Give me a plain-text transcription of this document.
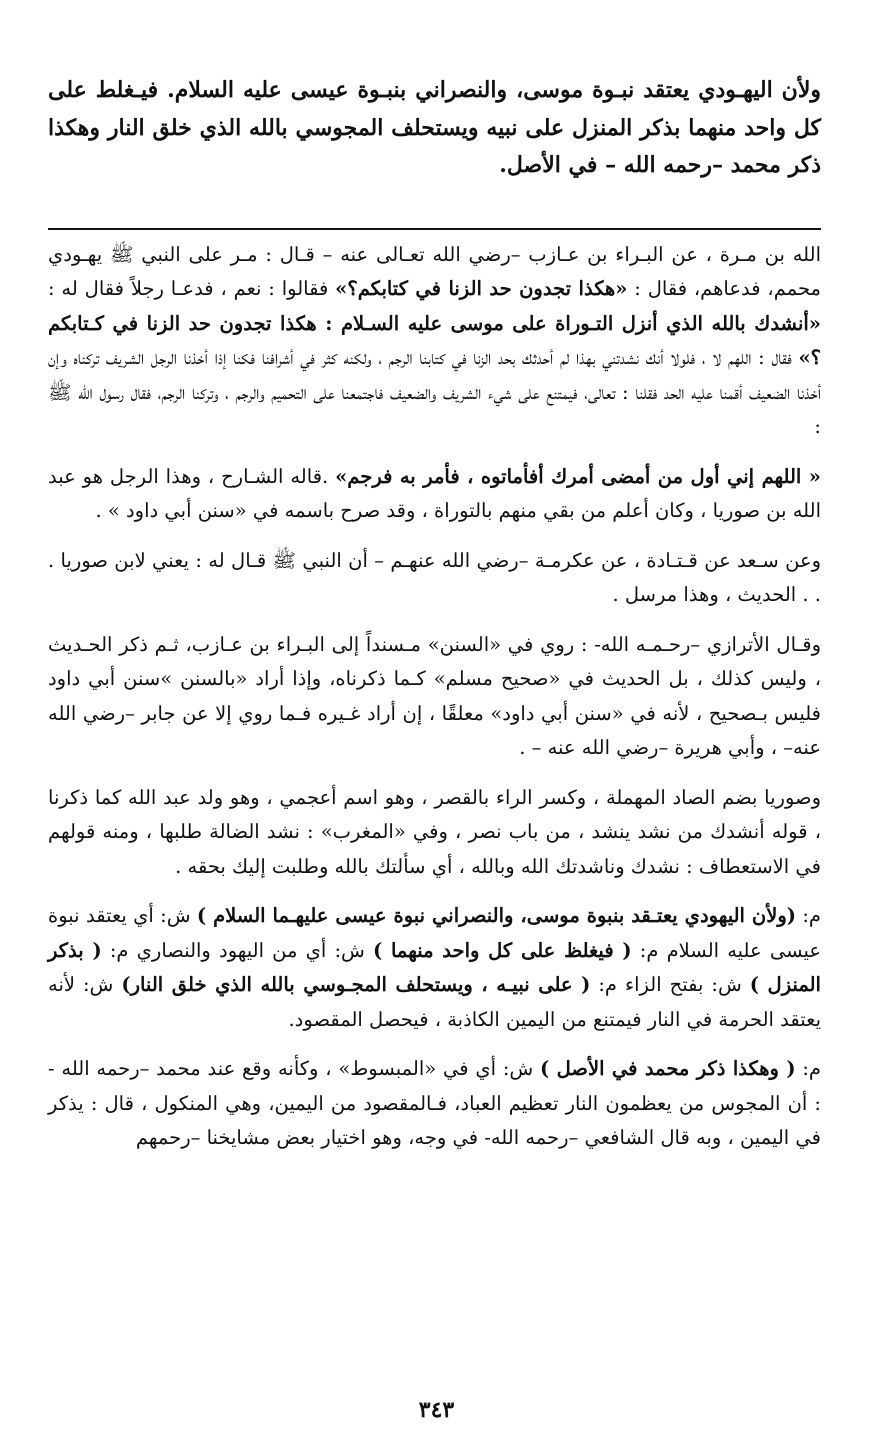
ولأن اليهـودي يعتقد نبـوة موسى، والنصراني بنبـوة عيسى عليه السلام. فيـغلط على كل واحد منهما بذكر المنزل على نبيه ويستحلف المجوسي بالله الذي خلق النار وهكذا ذكر محمد –رحمه الله – في الأصل.

الله بن مـرة ، عن البـراء بن عـازب –رضي الله تعـالى عنه – قـال : مـر على النبي ﷺ يهـودي محمم، فدعاهم، فقال : «هكذا تجدون حد الزنا في كتابكم؟» فقالوا : نعم ، فدعـا رجلاً فقال له : «أنشدك بالله الذي أنزل التـوراة على موسى عليه السـلام : هكذا تجدون حد الزنا في كـتابكم ؟» فقال : اللهم لا ، فلولا أنك نشدتني بهذا لم أحدثك بحد الزنا في كتابنا الرجم ، ولكنه كثر في أشرافنا فكنا إذا أخذنا الرجل الشريف تركناه وإن أخذنا الضعيف أقمنا عليه الحد فقلنا : تعالى، فيمتنع على شيء الشريف والضعيف فاجتمعنا على التحميم والرجم ، وتركنا الرجم، فقال رسول الله ﷺ :

« اللهم إني أول من أمضى أمرك أفأماتوه ، فأمر به فرجم» .قاله الشـارح ، وهذا الرجل هو عبد الله بن صوريا ، وكان أعلم من بقي منهم بالتوراة ، وقد صرح باسمه في «سنن أبي داود » .

وعن سـعد عن قـتـادة ، عن عكرمـة –رضي الله عنهـم – أن النبي ﷺ قـال له : يعني لابن صوريا . . . الحديث ، وهذا مرسل .

وقـال الأترازي –رحـمـه الله- : روي في «السنن» مـسنداً إلى البـراء بن عـازب، ثـم ذكر الحـديث ، وليس كذلك ، بل الحديث في «صحيح مسلم» كـما ذكرناه، وإذا أراد «بالسنن »سنن أبي داود فليس بـصحيح ، لأنه في «سنن أبي داود» معلقًا ، إن أراد غـيره فـما روي إلا عن جابر –رضي الله عنه– ، وأبي هريرة –رضي الله عنه – .

وصوريا بضم الصاد المهملة ، وكسر الراء بالقصر ، وهو اسم أعجمي ، وهو ولد عبد الله كما ذكرنا ، قوله أنشدك من نشد ينشد ، من باب نصر ، وفي «المغرب» : نشد الضالة طلبها ، ومنه قولهم في الاستعطاف : نشدك وناشدتك الله وبالله ، أي سألتك بالله وطلبت إليك بحقه .

م: (ولأن اليهودي يعتـقد بنبوة موسى، والنصراني نبوة عيسى عليهـما السلام ) ش: أي يعتقد نبوة عيسى عليه السلام م: ( فيغلظ على كل واحد منهما ) ش: أي من اليهود والنصاري م: ( بذكر المنزل ) ش: بفتح الزاء م: ( على نبيـه ، ويستحلف المجـوسي بالله الذي خلق النار) ش: لأنه يعتقد الحرمة في النار فيمتنع من اليمين الكاذبة ، فيحصل المقصود.

م: ( وهكذا ذكر محمد في الأصل ) ش: أي في «المبسوط» ، وكأنه وقع عند محمد –رحمه الله - : أن المجوس من يعظمون النار تعظيم العباد، فـالمقصود من اليمين، وهي المنكول ، قال : يذكر في اليمين ، وبه قال الشافعي –رحمه الله- في وجه، وهو اختيار بعض مشايخنا –رحمهم

٣٤٣
